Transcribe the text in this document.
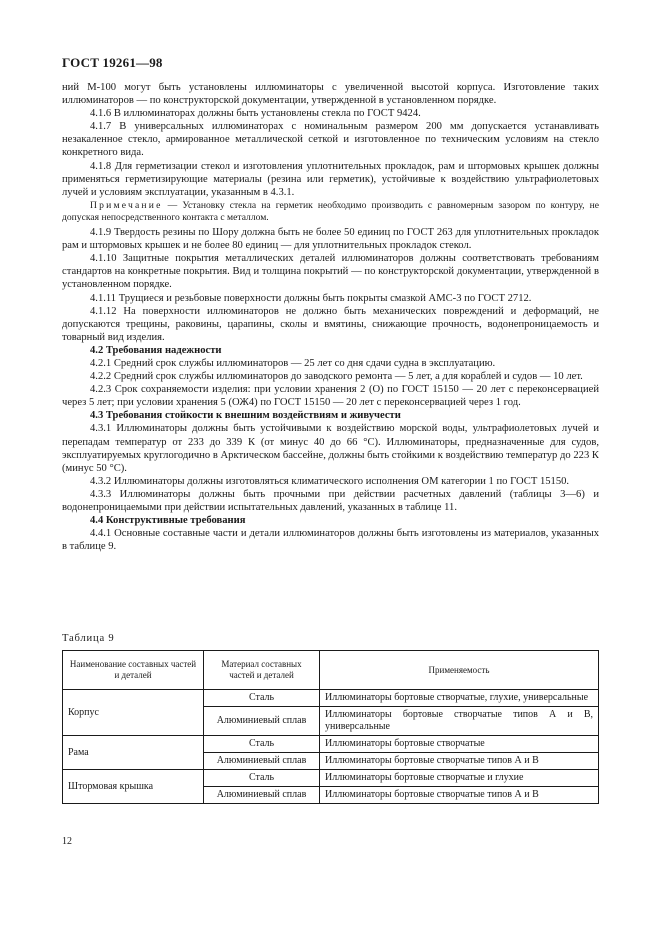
ГОСТ 19261—98

ний М-100 могут быть установлены иллюминаторы с увеличенной высотой корпуса. Изготовление таких иллюминаторов — по конструкторской документации, утвержденной в установленном порядке.

4.1.6 В иллюминаторах должны быть установлены стекла по ГОСТ 9424.

4.1.7 В универсальных иллюминаторах с номинальным размером 200 мм допускается устанавливать незакаленное стекло, армированное металлической сеткой и изготовленное по техническим условиям на стекло конкретного вида.

4.1.8 Для герметизации стекол и изготовления уплотнительных прокладок, рам и штормовых крышек должны применяться герметизирующие материалы (резина или герметик), устойчивые к воздействию ультрафиолетовых лучей и условиям эксплуатации, указанным в 4.3.1.

Примечание — Установку стекла на герметик необходимо производить с равномерным зазором по контуру, не допуская непосредственного контакта с металлом.

4.1.9 Твердость резины по Шору должна быть не более 50 единиц по ГОСТ 263 для уплотнительных прокладок рам и штормовых крышек и не более 80 единиц — для уплотнительных прокладок стекол.

4.1.10 Защитные покрытия металлических деталей иллюминаторов должны соответствовать требованиям стандартов на конкретные покрытия. Вид и толщина покрытий — по конструкторской документации, утвержденной в установленном порядке.

4.1.11 Трущиеся и резьбовые поверхности должны быть покрыты смазкой АМС-3 по ГОСТ 2712.

4.1.12 На поверхности иллюминаторов не должно быть механических повреждений и деформаций, не допускаются трещины, раковины, царапины, сколы и вмятины, снижающие прочность, водонепроницаемость и товарный вид изделия.

4.2 Требования надежности

4.2.1 Средний срок службы иллюминаторов — 25 лет со дня сдачи судна в эксплуатацию.

4.2.2 Средний срок службы иллюминаторов до заводского ремонта — 5 лет, а для кораблей и судов — 10 лет.

4.2.3 Срок сохраняемости изделия: при условии хранения 2 (О) по ГОСТ 15150 — 20 лет с переконсервацией через 5 лет; при условии хранения 5 (ОЖ4) по ГОСТ 15150 — 20 лет с переконсервацией через 1 год.

4.3 Требования стойкости к внешним воздействиям и живучести

4.3.1 Иллюминаторы должны быть устойчивыми к воздействию морской воды, ультрафиолетовых лучей и перепадам температур от 233 до 339 К (от минус 40 до 66 °С). Иллюминаторы, предназначенные для судов, эксплуатируемых круглогодично в Арктическом бассейне, должны быть стойкими к воздействию температур до 223 К (минус 50 °С).

4.3.2 Иллюминаторы должны изготовляться климатического исполнения ОМ категории 1 по ГОСТ 15150.

4.3.3 Иллюминаторы должны быть прочными при действии расчетных давлений (таблицы 3—6) и водонепроницаемыми при действии испытательных давлений, указанных в таблице 11.

4.4 Конструктивные требования

4.4.1 Основные составные части и детали иллюминаторов должны быть изготовлены из материалов, указанных в таблице 9.

Таблица 9
Наименование составных частей и деталей	Материал составных частей и деталей	Применяемость
Корпус	Сталь	Иллюминаторы бортовые створчатые, глухие, универсальные
	Алюминиевый сплав	Иллюминаторы бортовые створчатые типов А и В, универсальные
Рама	Сталь	Иллюминаторы бортовые створчатые
	Алюминиевый сплав	Иллюминаторы бортовые створчатые типов А и В
Штормовая крышка	Сталь	Иллюминаторы бортовые створчатые и глухие
	Алюминиевый сплав	Иллюминаторы бортовые створчатые типов А и В
12
